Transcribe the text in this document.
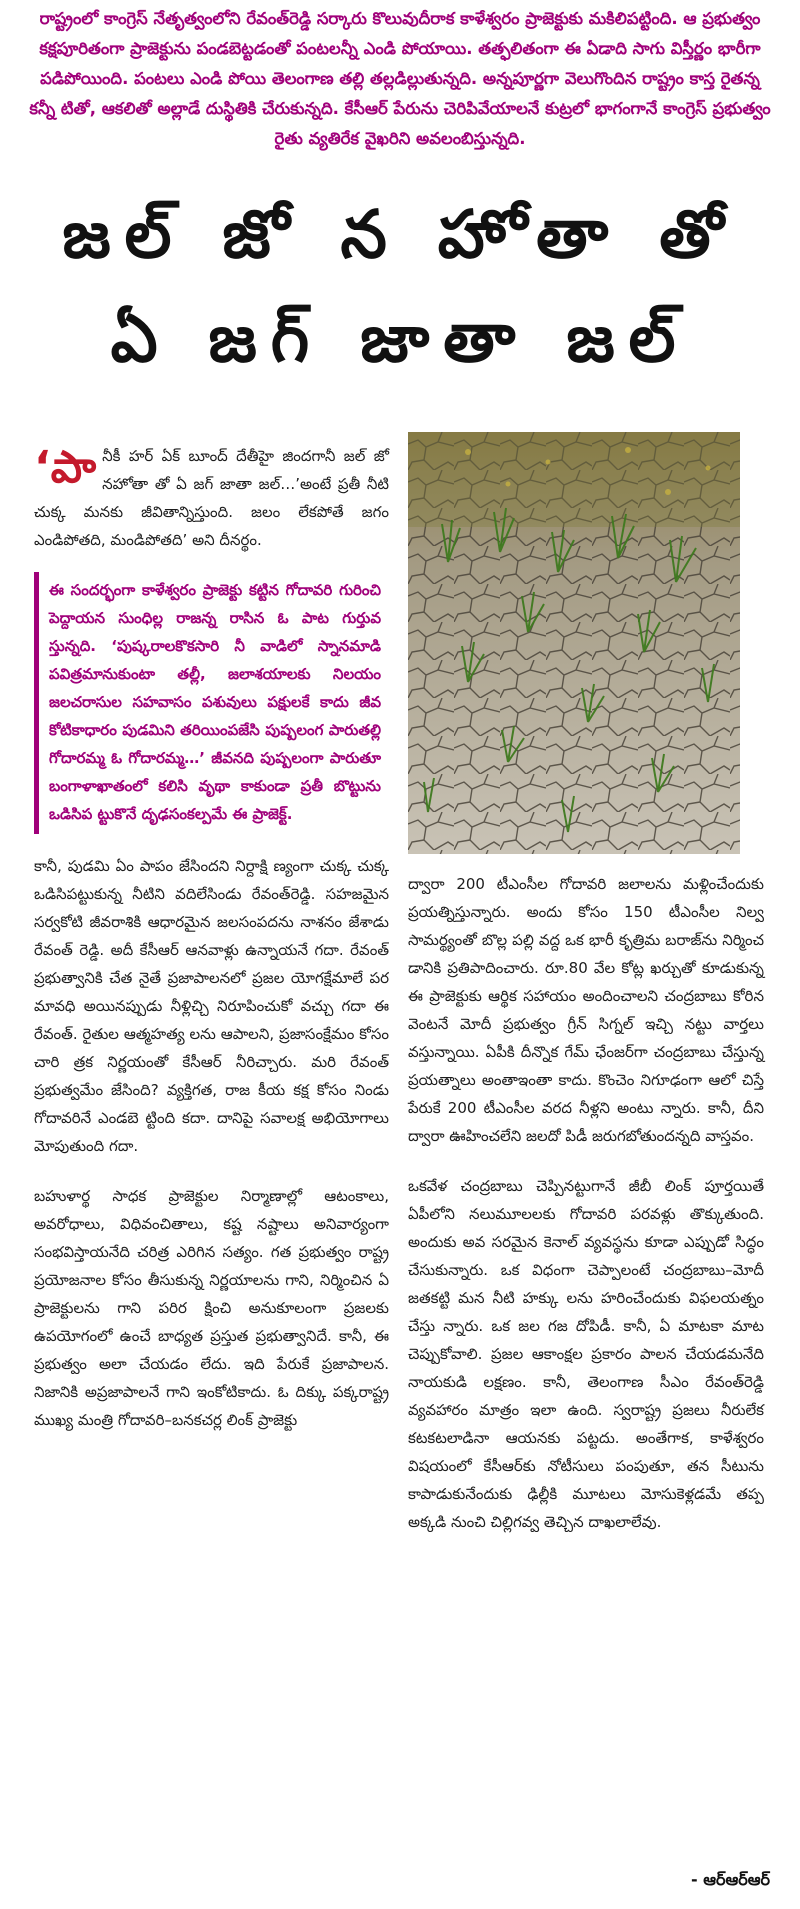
రాష్ట్రంలో కాంగ్రెస్ నేతృత్వంలోని రేవంత్‌రెడ్డి సర్కారు కొలువుదీరాక కాళేశ్వరం ప్రాజెక్టుకు మకిలిపట్టింది. ఆ ప్రభుత్వం కక్షపూరితంగా ప్రాజెక్టును పండబెట్టడంతో పంటలన్నీ ఎండి పోయాయి. తత్ఫలితంగా ఈ ఏడాది సాగు విస్తీర్ణం భారీగా పడిపోయింది. పంటలు ఎండి పోయి తెలంగాణ తల్లి తల్లడిల్లుతున్నది. అన్నపూర్ణగా వెలుగొందిన రాష్ట్రం కాస్త రైతన్న కన్నీ టితో, ఆకలితో అల్లాడే దుస్థితికి చేరుకున్నది. కేసీఆర్ పేరును చెరిపివేయాలనే కుట్రలో భాగంగానే కాంగ్రెస్ ప్రభుత్వం రైతు వ్యతిరేక వైఖరిని అవలంబిస్తున్నది.

జల్ జో న హోతా తో
ఏ జగ్ జాతా జల్

‘పానీకీ హర్ ఏక్ బూంద్ దేతీహై జిందగానీ జల్ జో నహోతా తో ఏ జగ్ జాతా జల్…’అంటే ప్రతీ నీటి చుక్క మనకు జీవితాన్నిస్తుంది. జలం లేకపోతే జగం ఎండిపోతది, మండిపోతది’ అని దీనర్థం.

ఈ సందర్భంగా కాళేశ్వరం ప్రాజెక్టు కట్టిన గోదావరి గురించి పెద్దాయన సుంధిల్ల రాజన్న రాసిన ఓ పాట గుర్తువ స్తున్నది. ‘పుష్కరాలకొకసారి నీ వాడిలో స్నానమాడి పవిత్రమానుకుంటా తల్లీ, జలాశయాలకు నిలయం జలచరాసుల సహవాసం పశువులు పక్షులకే కాదు జీవ కోటికాధారం పుడమిని తరియింపజేసి పుష్పలంగ పారుతల్లి గోదారమ్మ ఓ గోదారమ్మ…’ జీవనది పుష్పలంగా పారుతూ బంగాళాఖాతంలో కలిసి వృథా కాకుండా ప్రతీ బొట్టును ఒడిసిప ట్టుకొనే దృఢసంకల్పమే ఈ ప్రాజెక్ట్.

కానీ, పుడమి ఏం పాపం జేసిందని నిర్దాక్షి ణ్యంగా చుక్క చుక్క ఒడిసిపట్టుకున్న నీటిని వదిలేసిండు రేవంత్‌రెడ్డి. సహజమైన సర్వకోటి జీవరాశికి ఆధారమైన జలసంపదను నాశనం జేశాడు రేవంత్ రెడ్డి. అదీ కేసీఆర్ ఆనవాళ్లు ఉన్నాయనే గదా. రేవంత్ ప్రభుత్వానికి చేత నైతే ప్రజాపాలనలో ప్రజల యోగక్షేమాలే పర మావధి అయినప్పుడు నీళ్లిచ్చి నిరూపించుకో వచ్చు గదా ఈ రేవంత్. రైతుల ఆత్మహత్య లను ఆపాలని, ప్రజాసంక్షేమం కోసం చారి త్రక నిర్ణయంతో కేసీఆర్ నీరిచ్చారు. మరి రేవంత్ ప్రభుత్వమేం జేసింది? వ్యక్తిగత, రాజ కీయ కక్ష కోసం నిండు గోదావరినే ఎండబె ట్టింది కదా. దానిపై సవాలక్ష అభియోగాలు మోపుతుంది గదా.

బహుళార్థ సాధక ప్రాజెక్టుల నిర్మాణాల్లో ఆటంకాలు, అవరోధాలు, విధివంచితాలు, కష్ట నష్టాలు అనివార్యంగా సంభవిస్తాయనేది చరిత్ర ఎరిగిన సత్యం. గత ప్రభుత్వం రాష్ట్ర ప్రయోజనాల కోసం తీసుకున్న నిర్ణయాలను గాని, నిర్మించిన ఏ ప్రాజెక్టులను గాని పరిర క్షించి అనుకూలంగా ప్రజలకు ఉపయోగంలో ఉంచే బాధ్యత ప్రస్తుత ప్రభుత్వానిదే. కానీ, ఈ ప్రభుత్వం అలా చేయడం లేదు. ఇది పేరుకే ప్రజాపాలన. నిజానికి అప్రజాపాలనే గాని ఇంకోటికాదు. ఓ దిక్కు పక్కరాష్ట్ర ముఖ్య మంత్రి గోదావరి–బనకచర్ల లింక్ ప్రాజెక్టు

ద్వారా 200 టీఎంసీల గోదావరి జలాలను మళ్లించేందుకు ప్రయత్నిస్తున్నారు. అందు కోసం 150 టీఎంసీల నిల్వ సామర్థ్యంతో బొల్ల పల్లి వద్ద ఒక భారీ కృత్రిమ బరాజ్‌ను నిర్మించ డానికి ప్రతిపాదించారు. రూ.80 వేల కోట్ల ఖర్చుతో కూడుకున్న ఈ ప్రాజెక్టుకు ఆర్థిక సహాయం అందించాలని చంద్రబాబు కోరిన వెంటనే మోదీ ప్రభుత్వం గ్రీన్ సిగ్నల్ ఇచ్చి నట్టు వార్తలు వస్తున్నాయి. ఏపీకి దీన్నొక గేమ్ ఛేంజర్‌గా చంద్రబాబు చేస్తున్న ప్రయత్నాలు అంతాఇంతా కాదు. కొంచెం నిగూఢంగా ఆలో చిస్తే పేరుకే 200 టీఎంసీల వరద నీళ్లని అంటు న్నారు. కానీ, దీని ద్వారా ఊహించలేని జలదో పిడీ జరుగబోతుందన్నది వాస్తవం.

ఒకవేళ చంద్రబాబు చెప్పినట్టుగానే జీబీ లింక్ పూర్తయితే ఏపీలోని నలుమూలలకు గోదావరి పరవళ్లు తొక్కుతుంది. అందుకు అవ సరమైన కెనాల్ వ్యవస్థను కూడా ఎప్పుడో సిద్ధం చేసుకున్నారు. ఒక విధంగా చెప్పాలంటే చంద్రబాబు–మోదీ జతకట్టి మన నీటి హక్కు లను హరించేందుకు విఫలయత్నం చేస్తు న్నారు. ఒక జల గజ దోపిడీ. కానీ, ఏ మాటకా మాట చెప్పుకోవాలి. ప్రజల ఆకాంక్షల ప్రకారం పాలన చేయడమనేది నాయకుడి లక్షణం. కానీ, తెలంగాణ సీఎం రేవంత్‌రెడ్డి వ్యవహారం మాత్రం ఇలా ఉంది. స్వరాష్ట్ర ప్రజలు నీరులేక కటకటలాడినా ఆయనకు పట్టదు. అంతేగాక, కాళేశ్వరం విషయంలో కేసీఆర్‌కు నోటీసులు పంపుతూ, తన సీటును కాపాడుకునేందుకు ఢిల్లీకి మూటలు మోసుకెళ్లడమే తప్ప అక్కడి నుంచి చిల్లిగవ్వ తెచ్చిన దాఖలాలేవు.

- ఆర్ఆర్ఆర్
